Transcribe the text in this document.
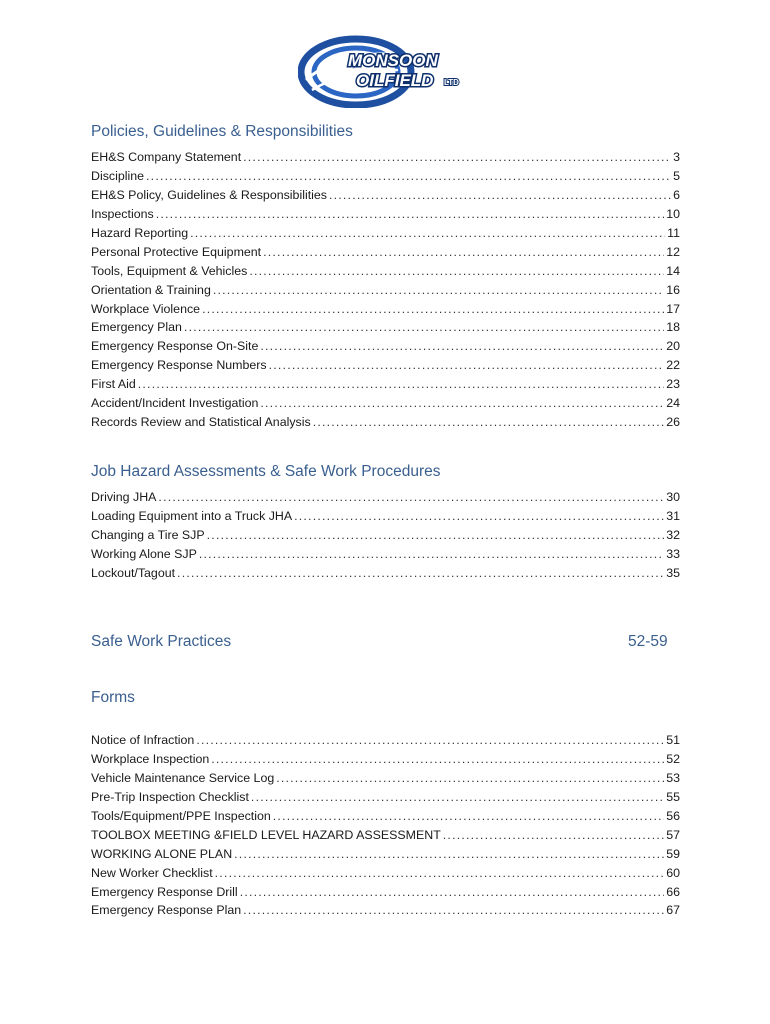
MONSOON
OILFIELD LTD
Policies, Guidelines & Responsibilities
EH&S Company Statement .....	3
Discipline .....	5
EH&S Policy, Guidelines & Responsibilities .....	6
Inspections .....	10
Hazard Reporting .....	11
Personal Protective Equipment .....	12
Tools, Equipment & Vehicles .....	14
Orientation & Training .....	16
Workplace Violence .....	17
Emergency Plan .....	18
Emergency Response On-Site .....	20
Emergency Response Numbers .....	22
First Aid .....	23
Accident/Incident Investigation .....	24
Records Review and Statistical Analysis .....	26
Job Hazard Assessments & Safe Work Procedures
Driving JHA .....	30
Loading Equipment into a Truck JHA .....	31
Changing a Tire SJP .....	32
Working Alone SJP .....	33
Lockout/Tagout .....	35
Safe Work Practices	52-59
Forms
Notice of Infraction .....	51
Workplace Inspection .....	52
Vehicle Maintenance Service Log .....	53
Pre-Trip Inspection Checklist .....	55
Tools/Equipment/PPE Inspection .....	56
TOOLBOX MEETING &FIELD LEVEL HAZARD ASSESSMENT .....	57
WORKING ALONE PLAN .....	59
New Worker Checklist .....	60
Emergency Response Drill .....	66
Emergency Response Plan .....	67
